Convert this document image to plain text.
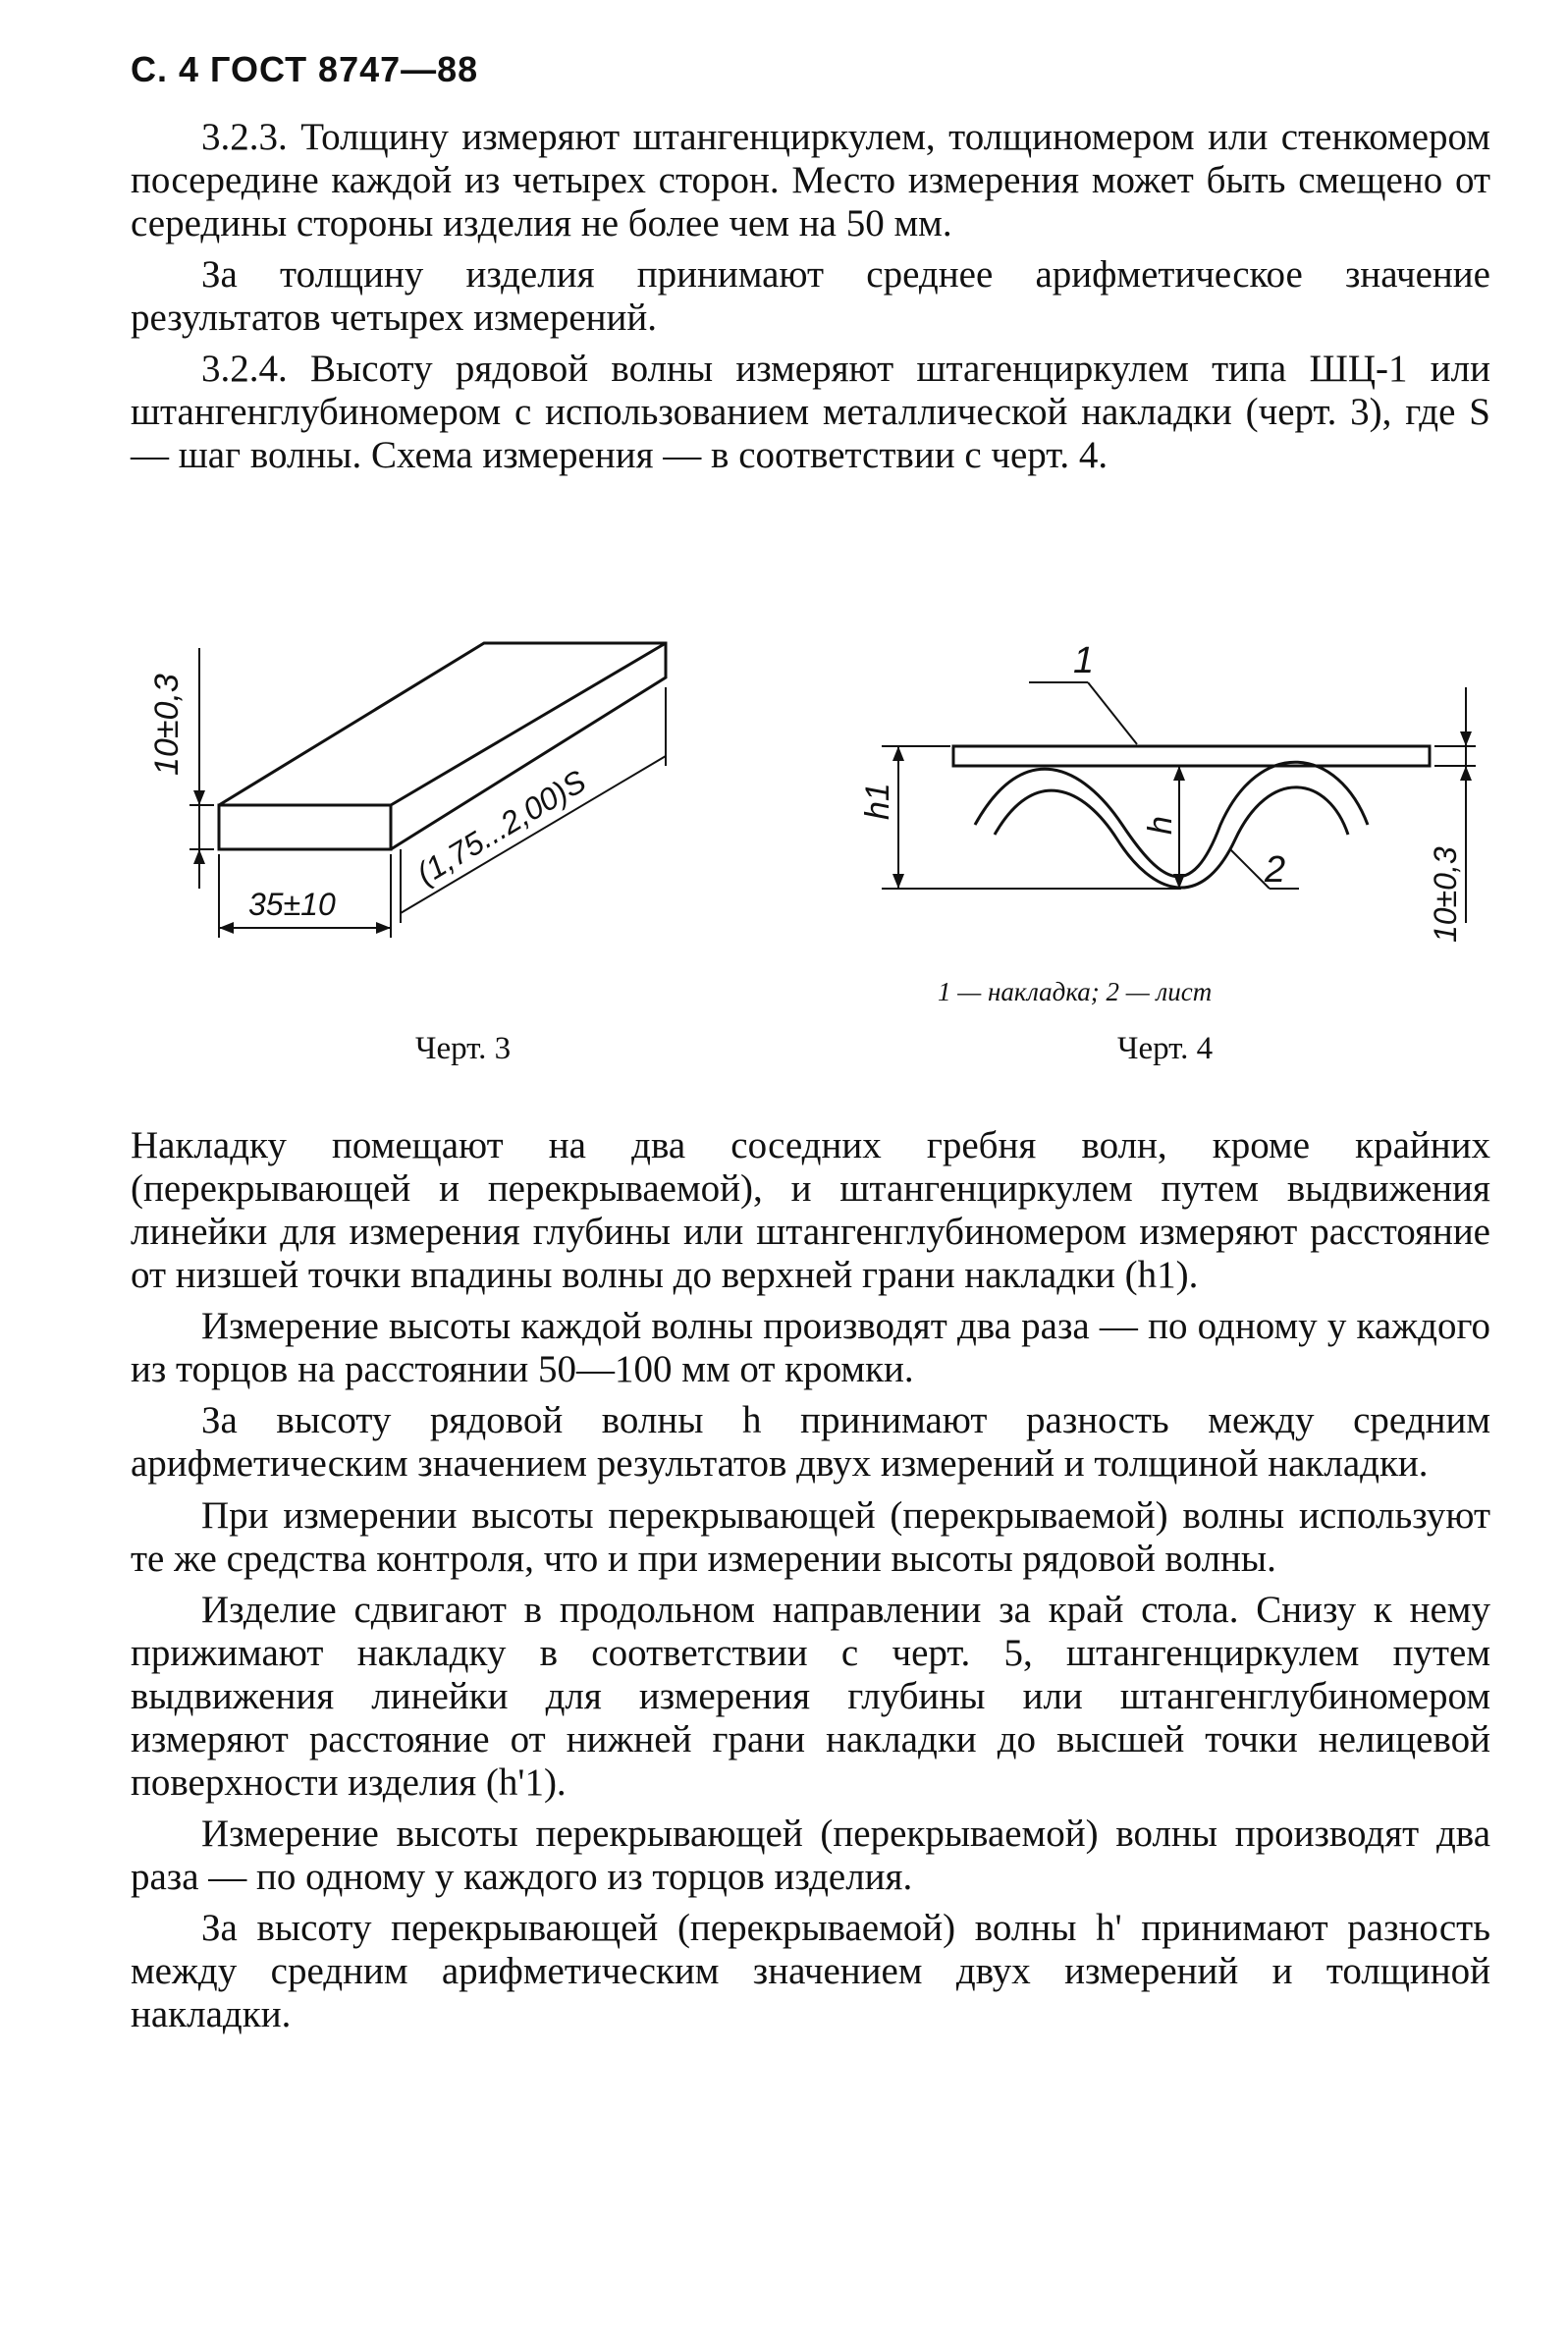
С. 4 ГОСТ 8747—88

3.2.3. Толщину измеряют штангенциркулем, толщиномером или стенкомером посередине каждой из четырех сторон. Место измерения может быть смещено от середины стороны изделия не более чем на 50 мм.

За толщину изделия принимают среднее арифметическое значение результатов четырех измерений.

3.2.4. Высоту рядовой волны измеряют штагенциркулем типа ШЦ-1 или штангенглубиномером с использованием металлической накладки (черт. 3), где S — шаг волны. Схема измерения — в соответствии с черт. 4.

10±0,3
35±10
(1,75...2,00)S
1
2
h1
h
10±0,3
1 — накладка; 2 — лист
Черт. 3	Черт. 4

Накладку помещают на два соседних гребня волн, кроме крайних (перекрывающей и перекрываемой), и штангенциркулем путем выдвижения линейки для измерения глубины или штангенглубиномером измеряют расстояние от низшей точки впадины волны до верхней грани накладки (h1).

Измерение высоты каждой волны производят два раза — по одному у каждого из торцов на расстоянии 50—100 мм от кромки.

За высоту рядовой волны h принимают разность между средним арифметическим значением результатов двух измерений и толщиной накладки.

При измерении высоты перекрывающей (перекрываемой) волны используют те же средства контроля, что и при измерении высоты рядовой волны.

Изделие сдвигают в продольном направлении за край стола. Снизу к нему прижимают накладку в соответствии с черт. 5, штангенциркулем путем выдвижения линейки для измерения глубины или штангенглубиномером измеряют расстояние от нижней грани накладки до высшей точки нелицевой поверхности изделия (h'1).

Измерение высоты перекрывающей (перекрываемой) волны производят два раза — по одному у каждого из торцов изделия.

За высоту перекрывающей (перекрываемой) волны h' принимают разность между средним арифметическим значением двух измерений и толщиной накладки.
